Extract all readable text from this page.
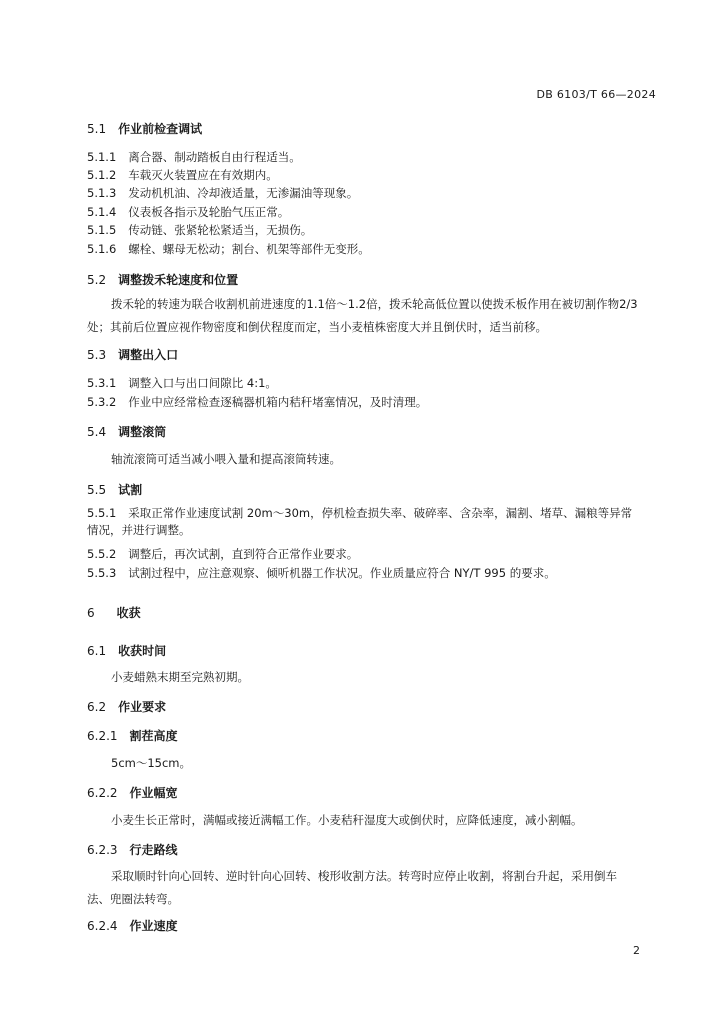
DB 6103/T 66—2024
5.1 作业前检查调试
5.1.1 离合器、制动踏板自由行程适当。
5.1.2 车载灭火装置应在有效期内。
5.1.3 发动机机油、冷却液适量，无渗漏油等现象。
5.1.4 仪表板各指示及轮胎气压正常。
5.1.5 传动链、张紧轮松紧适当，无损伤。
5.1.6 螺栓、螺母无松动；割台、机架等部件无变形。
5.2 调整拨禾轮速度和位置
拨禾轮的转速为联合收割机前进速度的1.1倍～1.2倍，拨禾轮高低位置以使拨禾板作用在被切割作物2/3处；其前后位置应视作物密度和倒伏程度而定，当小麦植株密度大并且倒伏时，适当前移。
5.3 调整出入口
5.3.1 调整入口与出口间隙比 4:1。
5.3.2 作业中应经常检查逐稿器机箱内秸秆堵塞情况，及时清理。
5.4 调整滚筒
轴流滚筒可适当减小喂入量和提高滚筒转速。
5.5 试割
5.5.1 采取正常作业速度试割 20m～30m，停机检查损失率、破碎率、含杂率，漏割、堵草、漏粮等异常情况，并进行调整。
5.5.2 调整后，再次试割，直到符合正常作业要求。
5.5.3 试割过程中，应注意观察、倾听机器工作状况。作业质量应符合 NY/T 995 的要求。
6 收获
6.1 收获时间
小麦蜡熟末期至完熟初期。
6.2 作业要求
6.2.1 割茬高度
5cm～15cm。
6.2.2 作业幅宽
小麦生长正常时，满幅或接近满幅工作。小麦秸秆湿度大或倒伏时，应降低速度，减小割幅。
6.2.3 行走路线
采取顺时针向心回转、逆时针向心回转、梭形收割方法。转弯时应停止收割，将割台升起，采用倒车法、兜圈法转弯。
6.2.4 作业速度
2
